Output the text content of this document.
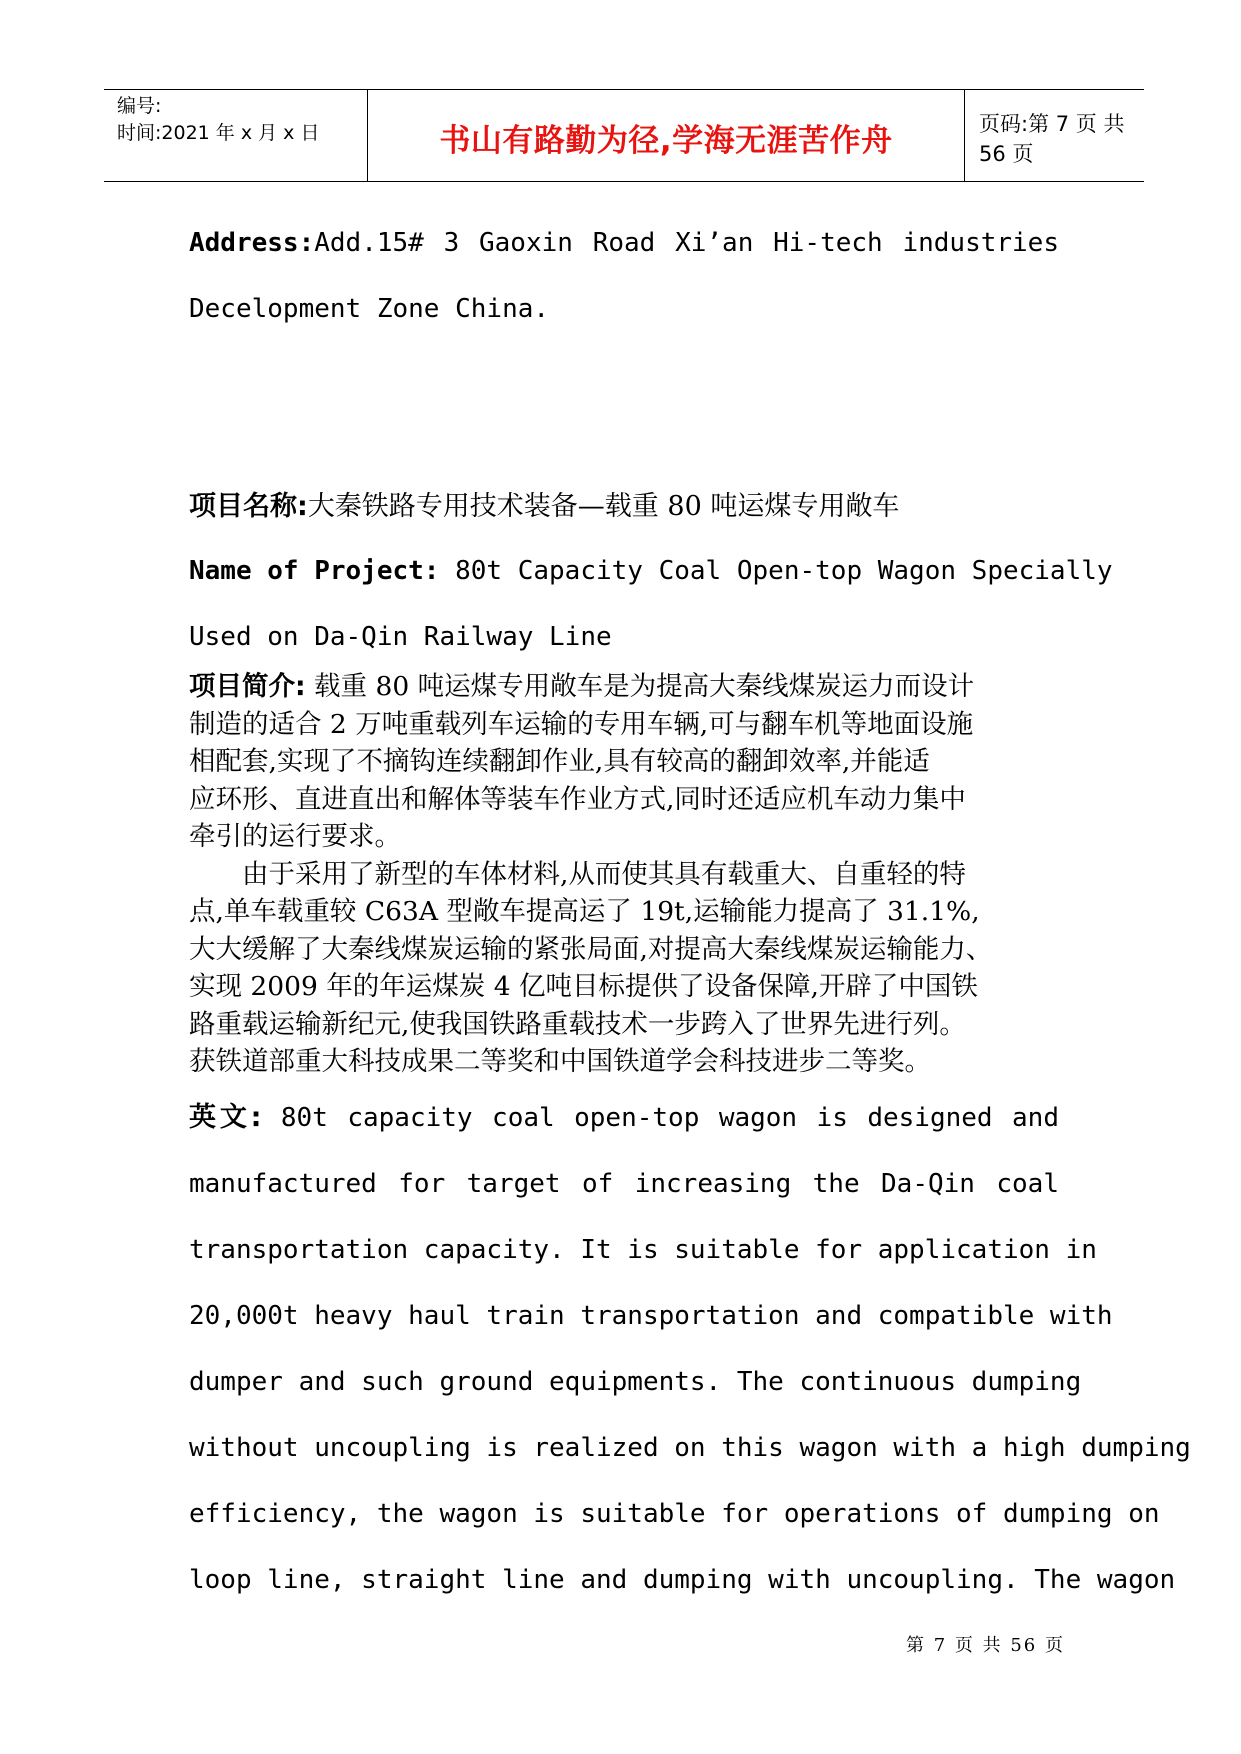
编号:
时间:2021 年 x 月 x 日	书山有路勤为径,学海无涯苦作舟	页码:第 7 页 共 56 页
Address:Add.15# 3 Gaoxin Road Xi’an Hi-tech industries
Decelopment Zone China.
项目名称:大秦铁路专用技术装备—载重 80 吨运煤专用敞车
Name of Project: 80t Capacity Coal Open-top Wagon Specially
Used on Da-Qin Railway Line
项目简介: 载重 80 吨运煤专用敞车是为提高大秦线煤炭运力而设计
制造的适合 2 万吨重载列车运输的专用车辆,可与翻车机等地面设施
相配套,实现了不摘钩连续翻卸作业,具有较高的翻卸效率,并能适
应环形、直进直出和解体等装车作业方式,同时还适应机车动力集中
牵引的运行要求。
由于采用了新型的车体材料,从而使其具有载重大、自重轻的特
点,单车载重较 C63A 型敞车提高运了 19t,运输能力提高了 31.1%,
大大缓解了大秦线煤炭运输的紧张局面,对提高大秦线煤炭运输能力、
实现 2009 年的年运煤炭 4 亿吨目标提供了设备保障,开辟了中国铁
路重载运输新纪元,使我国铁路重载技术一步跨入了世界先进行列。
获铁道部重大科技成果二等奖和中国铁道学会科技进步二等奖。
英文: 80t capacity coal open-top wagon is designed and
manufactured for target of increasing the Da-Qin coal
transportation capacity. It is suitable for application in
20,000t heavy haul train transportation and compatible with
dumper and such ground equipments. The continuous dumping
without uncoupling is realized on this wagon with a high dumping
efficiency, the wagon is suitable for operations of dumping on
loop line, straight line and dumping with uncoupling. The wagon
第 7 页 共 56 页
